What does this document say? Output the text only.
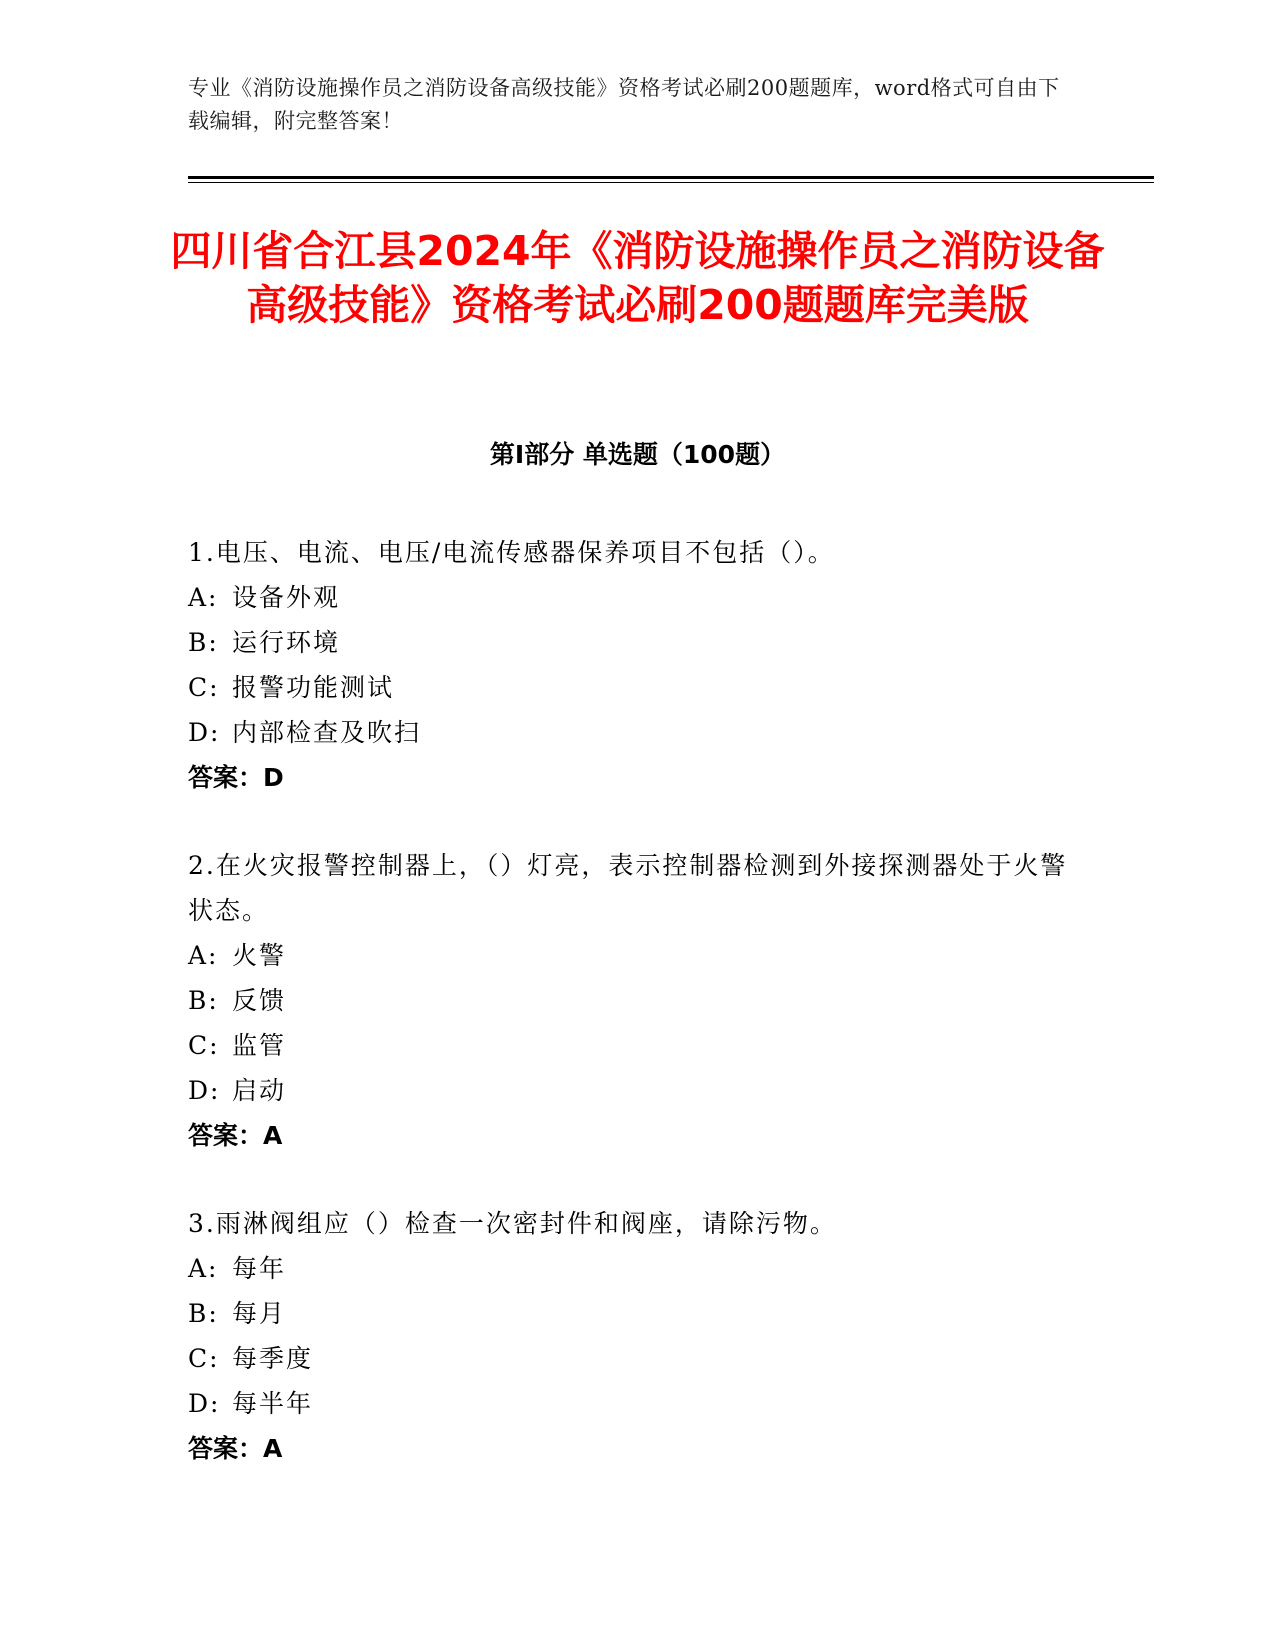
专业《消防设施操作员之消防设备高级技能》资格考试必刷200题题库，word格式可自由下载编辑，附完整答案！
四川省合江县2024年《消防设施操作员之消防设备高级技能》资格考试必刷200题题库完美版
第I部分 单选题（100题）

1.电压、电流、电压/电流传感器保养项目不包括（）。

A: 设备外观
B: 运行环境
C: 报警功能测试
D: 内部检查及吹扫
答案：D

2.在火灾报警控制器上，（）灯亮，表示控制器检测到外接探测器处于火警状态。

A: 火警
B: 反馈
C: 监管
D: 启动
答案：A

3.雨淋阀组应（）检查一次密封件和阀座，请除污物。

A: 每年
B: 每月
C: 每季度
D: 每半年
答案：A
